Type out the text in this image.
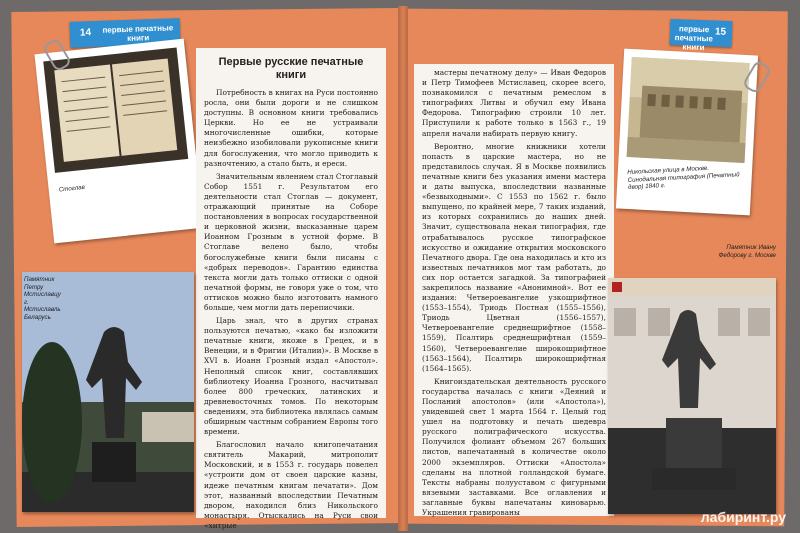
14	первые печатные книги
первые печатные книги
15
Стоглав
Первые русские печатные книги

Потребность в книгах на Руси постоянно росла, они были дороги и не слишком доступны. В основном книги требовались Церкви. Но ее не устраивали многочисленные ошибки, которые неизбежно изобиловали рукописные книги для богослужения, что могло приводить к разночтению, а стало быть, и ереси.

Значительным явлением стал Стоглавый Собор 1551 г. Результатом его деятельности стал Стоглав — документ, отражающий принятые на Соборе постановления в вопросах государственной и церковной жизни, высказанные царем Иоанном Грозным в устной форме. В Стоглаве велено было, чтобы богослужебные книги были писаны с «добрых переводов». Гарантию единства текста могли дать только оттиски с одной печатной формы, не говоря уже о том, что оттисков можно было изготовить намного больше, чем могли дать переписчики.

Царь знал, что в других странах пользуются печатью, «како бы изложити печатные книги, якоже в Грецех, и в Венеции, и в Фригии (Италии)». В Москве в XVI в. Иоанн Грозный издал «Апостол». Неполный список книг, составлявших библиотеку Иоанна Грозного, насчитывал более 800 греческих, латинских и древневосточных томов. По некоторым сведениям, эта библиотека являлась самым обширным частным собранием Европы того времени.

Благословил начало книгопечатания святитель Макарий, митрополит Московский, и в 1553 г. государь повелел «устроити дом от своея царские казны, идеже печатным книгам печатати». Дом этот, названный впоследствии Печатным двором, находился близ Никольского монастыря. Отыскались на Руси свои «хитрые

Памятник Петру Мстиславцу г. Мстиславль Беларусь

мастеры печатному делу» — Иван Федоров и Петр Тимофеев Мстиславец, скорее всего, познакомился с печатным ремеслом в типографиях Литвы и обучил ему Ивана Федорова. Типографию строили 10 лет. Приступили к работе только в 1563 г., 19 апреля начали набирать первую книгу.

Вероятно, многие книжники хотели попасть в царские мастера, но не представилось случая. Я в Москве появились печатные книги без указания имени мастера и даты выпуска, впоследствии названные «безвыходными». С 1553 по 1562 г. было выпущено, по крайней мере, 7 таких изданий, из которых сохранились до наших дней. Значит, существовала некая типография, где отрабатывалось русское типографское искусство и ожидание открытия московского Печатного двора. Где она находилась и кто из известных печатников мог там работать, до сих пор остается загадкой. За типографией закрепилось название «Анонимной». Вот ее издания: Четвероевангелие узкошрифтное (1553–1554), Триодь Постная (1555–1556), Триодь Цветная (1556–1557), Четвероевангелие среднешрифтное (1558–1559), Псалтирь среднешрифтная (1559–1560), Четвероевангелие широкошрифтное (1563–1564), Псалтирь широкошрифтная (1564–1565).

Книгоиздательская деятельность русского государства началась с книги «Деяний и Посланий апостолов» (или «Апостола»), увидевшей свет 1 марта 1564 г. Целый год ушел на подготовку и печать шедевра русского полиграфического искусства. Получился фолиант объемом 267 больших листов, напечатанный в количестве около 2000 экземпляров. Оттиски «Апостола» сделаны на плотной голландской бумаге. Тексты набраны полууставом с фигурными вязевыми заставками. Все оглавления и заглавные буквы напечатаны киноварью. Украшения гравированы

Никольская улица в Москве. Синодальная типография (Печатный двор) 1840 г.
Памятник Ивану Федорову г. Москве
лабиринт.ру
